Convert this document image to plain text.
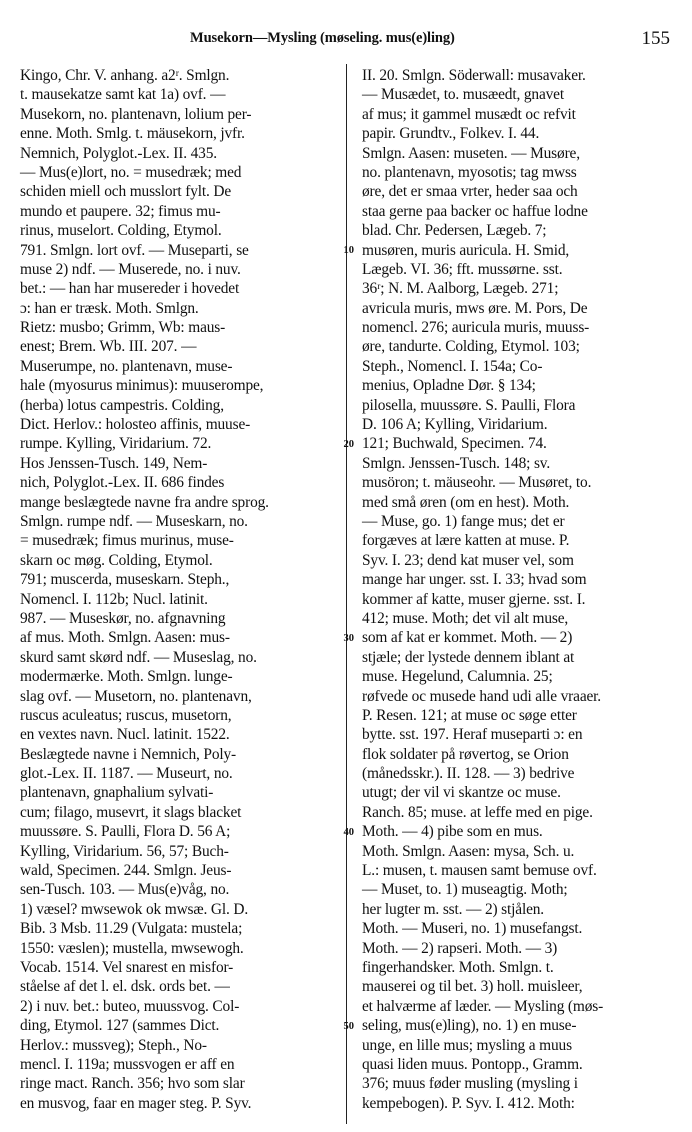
Musekorn—Mysling (møseling. mus(e)ling)	155
Kingo, Chr. V. anhang. a2ʳ. Smlgn.
t. mausekatze samt kat 1a) ovf. —
Musekorn, no. plantenavn, lolium per-
enne. Moth. Smlg. t. mäusekorn, jvfr.
Nemnich, Polyglot.-Lex. II. 435.
— Mus(e)lort, no. = musedræk; med
schiden miell och musslort fylt. De
mundo et paupere. 32; fimus mu-
rinus, muselort. Colding, Etymol.
791. Smlgn. lort ovf. — Museparti, se
muse 2) ndf. — Muserede, no. i nuv.
bet.: — han har musereder i hovedet
ɔ: han er træsk. Moth. Smlgn.
Rietz: musbo; Grimm, Wb: maus-
enest; Brem. Wb. III. 207. —
Muserumpe, no. plantenavn, muse-
hale (myosurus minimus): muuserompe,
(herba) lotus campestris. Colding,
Dict. Herlov.: holosteo affinis, muuse-
rumpe. Kylling, Viridarium. 72.
Hos Jenssen-Tusch. 149, Nem-
nich, Polyglot.-Lex. II. 686 findes
mange beslægtede navne fra andre sprog.
Smlgn. rumpe ndf. — Museskarn, no.
= musedræk; fimus murinus, muse-
skarn oc møg. Colding, Etymol.
791; muscerda, museskarn. Steph.,
Nomencl. I. 112b; Nucl. latinit.
987. — Museskør, no. afgnavning
af mus. Moth. Smlgn. Aasen: mus-
skurd samt skørd ndf. — Museslag, no.
modermærke. Moth. Smlgn. lunge-
slag ovf. — Musetorn, no. plantenavn,
ruscus aculeatus; ruscus, musetorn,
en vextes navn. Nucl. latinit. 1522.
Beslægtede navne i Nemnich, Poly-
glot.-Lex. II. 1187. — Museurt, no.
plantenavn, gnaphalium sylvati-
cum; filago, musevrt, it slags blacket
muussøre. S. Paulli, Flora D. 56 A;
Kylling, Viridarium. 56, 57; Buch-
wald, Specimen. 244. Smlgn. Jeus-
sen-Tusch. 103. — Mus(e)våg, no.
1) væsel? mwsewok ok mwsæ. Gl. D.
Bib. 3 Msb. 11.29 (Vulgata: mustela;
1550: væslen); mustella, mwsewogh.
Vocab. 1514. Vel snarest en misfor-
ståelse af det l. el. dsk. ords bet. —
2) i nuv. bet.: buteo, muussvog. Col-
ding, Etymol. 127 (sammes Dict.
Herlov.: mussveg); Steph., No-
mencl. I. 119a; mussvogen er aff en
ringe mact. Ranch. 356; hvo som slar
en musvog, faar en mager steg. P. Syv.
10
20
30
40
50
II. 20. Smlgn. Söderwall: musavaker.
— Musædet, to. musæedt, gnavet
af mus; it gammel musædt oc refvit
papir. Grundtv., Folkev. I. 44.
Smlgn. Aasen: museten. — Musøre,
no. plantenavn, myosotis; tag mwss
øre, det er smaa vrter, heder saa och
staa gerne paa backer oc haffue lodne
blad. Chr. Pedersen, Lægeb. 7;
musøren, muris auricula. H. Smid,
Lægeb. VI. 36; fft. mussørne. sst.
36ʳ; N. M. Aalborg, Lægeb. 271;
avricula muris, mws øre. M. Pors, De
nomencl. 276; auricula muris, muuss-
øre, tandurte. Colding, Etymol. 103;
Steph., Nomencl. I. 154a; Co-
menius, Opladne Dør. § 134;
pilosella, muussøre. S. Paulli, Flora
D. 106 A; Kylling, Viridarium.
121; Buchwald, Specimen. 74.
Smlgn. Jenssen-Tusch. 148; sv.
musöron; t. mäuseohr. — Musøret, to.
med små øren (om en hest). Moth.
— Muse, go. 1) fange mus; det er
forgæves at lære katten at muse. P.
Syv. I. 23; dend kat muser vel, som
mange har unger. sst. I. 33; hvad som
kommer af katte, muser gjerne. sst. I.
412; muse. Moth; det vil alt muse,
som af kat er kommet. Moth. — 2)
stjæle; der lystede dennem iblant at
muse. Hegelund, Calumnia. 25;
røfvede oc musede hand udi alle vraaer.
P. Resen. 121; at muse oc søge etter
bytte. sst. 197. Heraf museparti ɔ: en
flok soldater på røvertog, se Orion
(månedsskr.). II. 128. — 3) bedrive
utugt; der vil vi skantze oc muse.
Ranch. 85; muse. at leffe med en pige.
Moth. — 4) pibe som en mus.
Moth. Smlgn. Aasen: mysa, Sch. u.
L.: musen, t. mausen samt bemuse ovf.
— Muset, to. 1) museagtig. Moth;
her lugter m. sst. — 2) stjålen.
Moth. — Museri, no. 1) musefangst.
Moth. — 2) rapseri. Moth. — 3)
fingerhandsker. Moth. Smlgn. t.
mauserei og til bet. 3) holl. muisleer,
et halværme af læder. — Mysling (møs-
seling, mus(e)ling), no. 1) en muse-
unge, en lille mus; mysling a muus
quasi liden muus. Pontopp., Gramm.
376; muus føder musling (mysling i
kempebogen). P. Syv. I. 412. Moth:
